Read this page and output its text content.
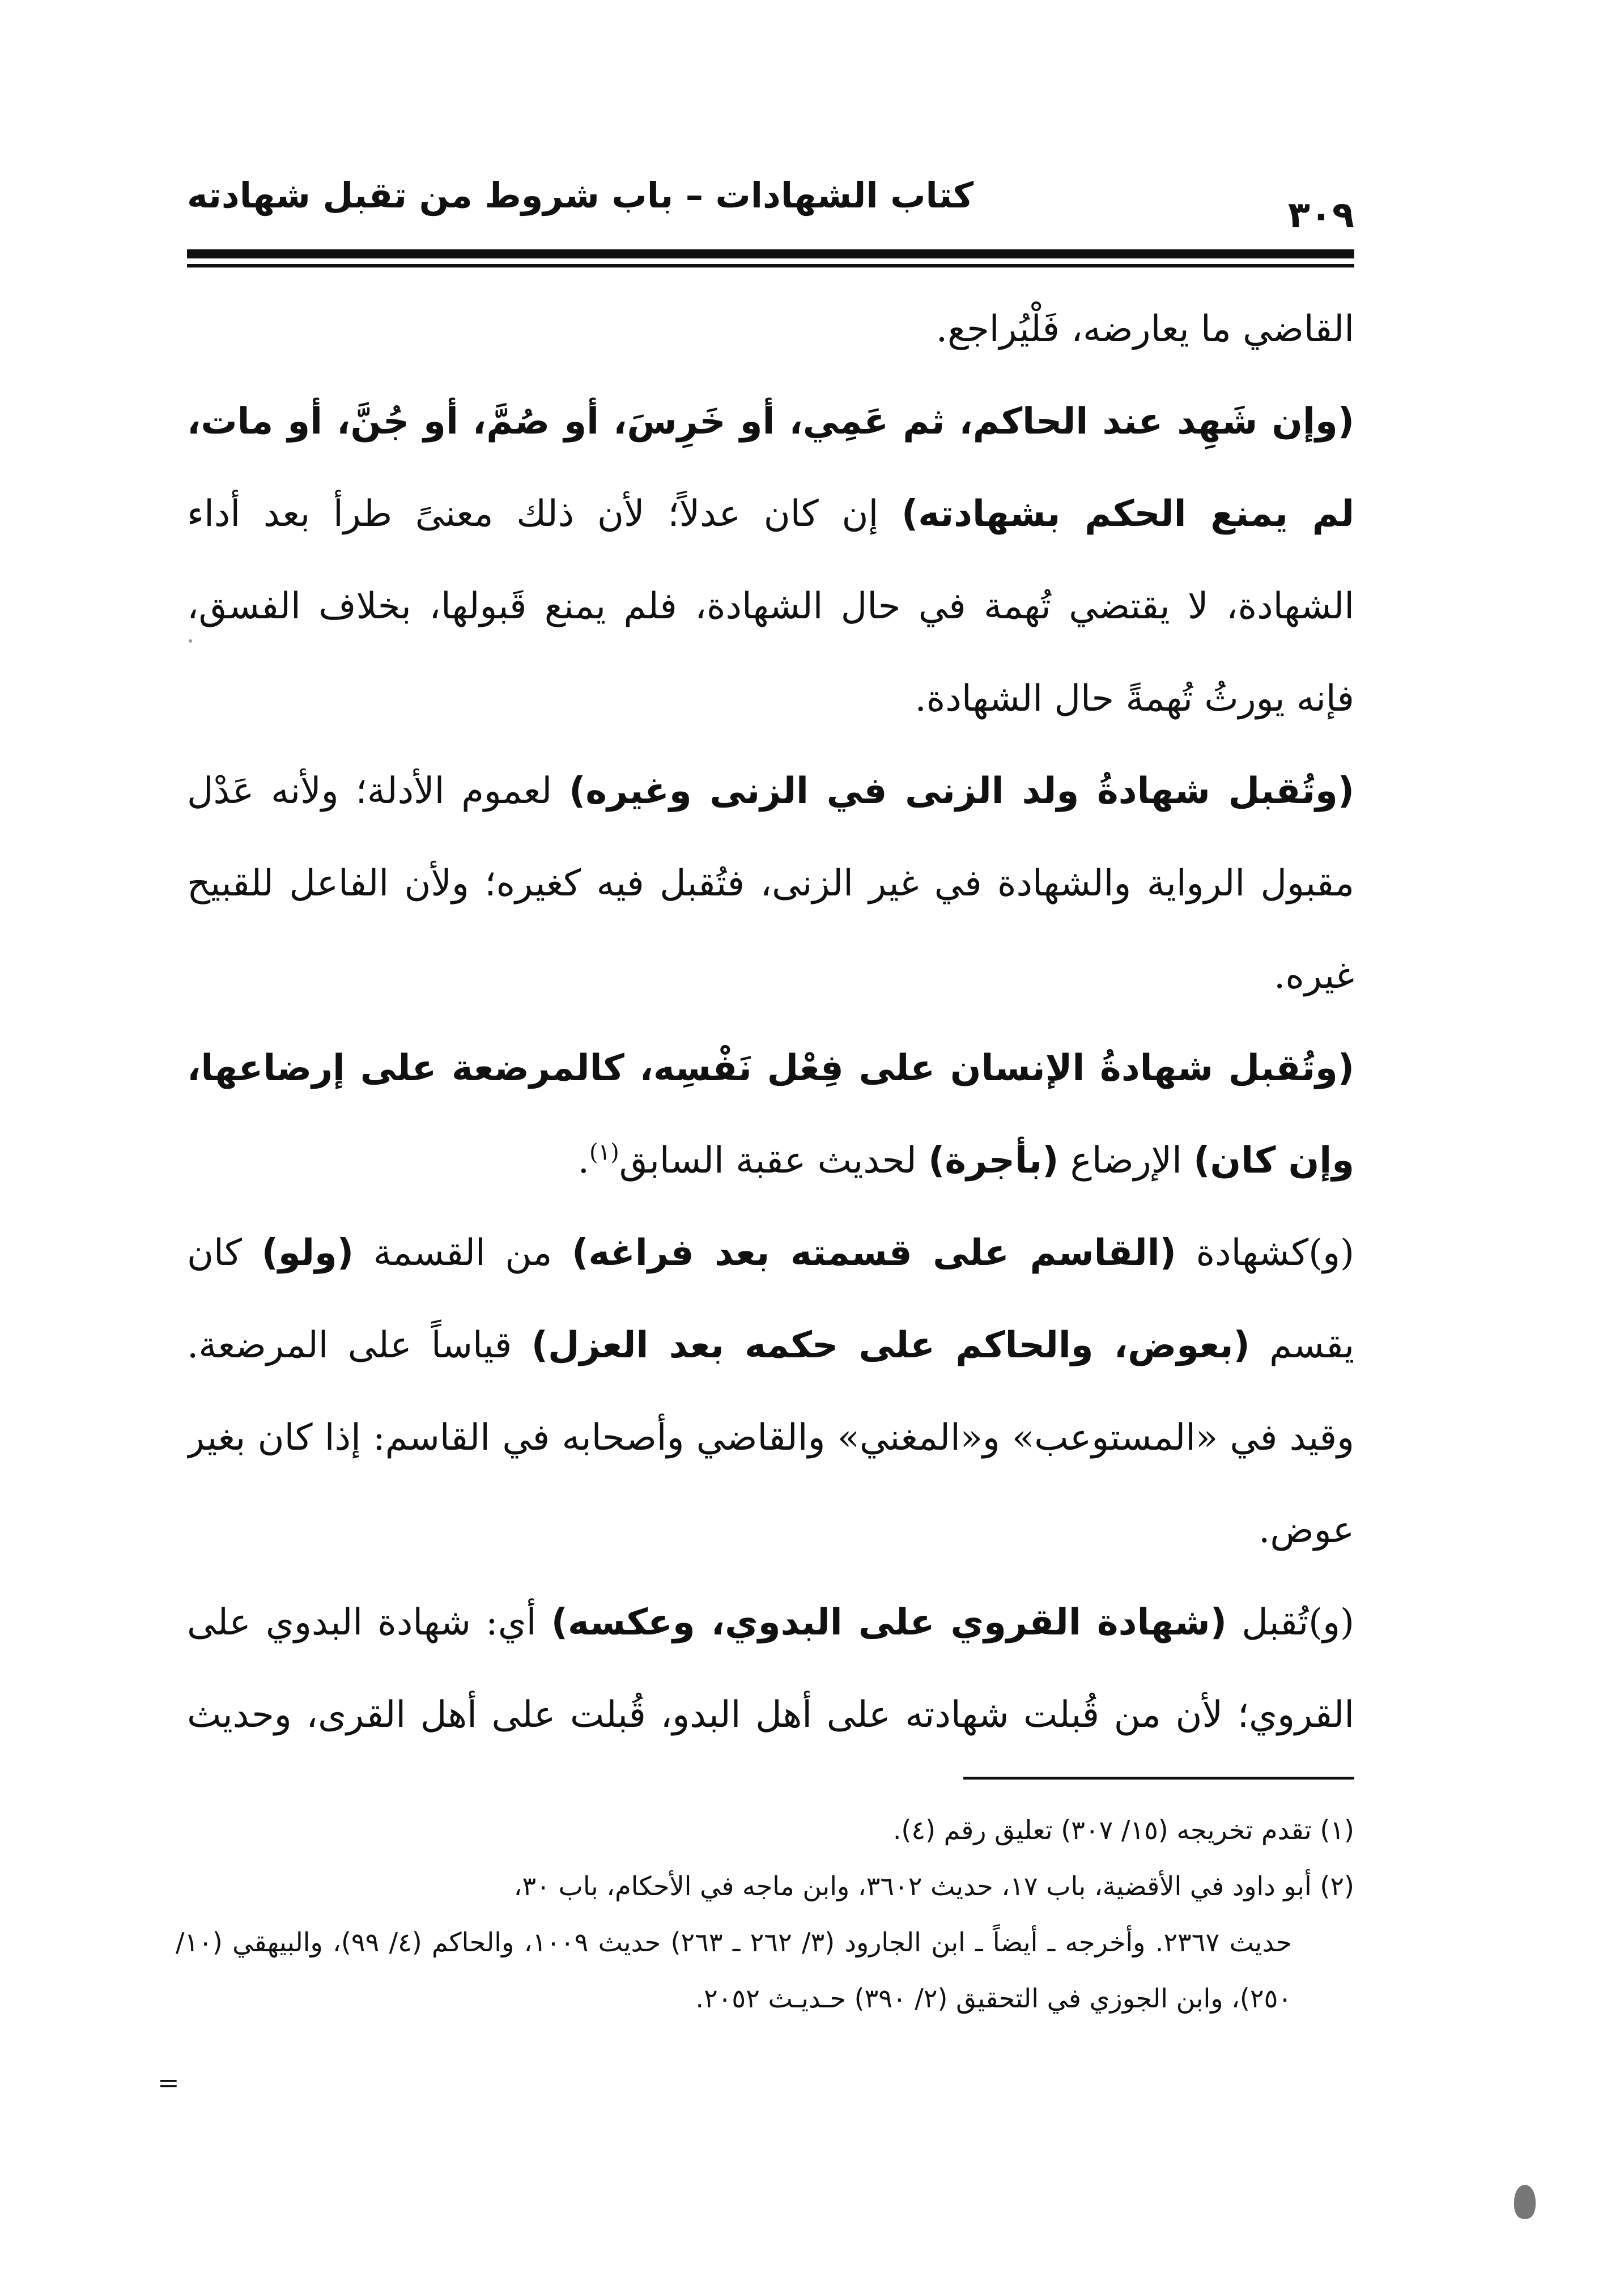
كتاب الشهادات – باب شروط من تقبل شهادته	٣٠٩

القاضي ما يعارضه، فَلْيُراجع.

(وإن شَهِد عند الحاكم، ثم عَمِي، أو خَرِسَ، أو صُمَّ، أو جُنَّ، أو مات، لم يمنع الحكم بشهادته) إن كان عدلاً؛ لأن ذلك معنىً طرأ بعد أداء الشهادة، لا يقتضي تُهمة في حال الشهادة، فلم يمنع قَبولها، بخلاف الفسق، فإنه يورثُ تُهمةً حال الشهادة.

(وتُقبل شهادةُ ولد الزنى في الزنى وغيره) لعموم الأدلة؛ ولأنه عَدْل مقبول الرواية والشهادة في غير الزنى، فتُقبل فيه كغيره؛ ولأن الفاعل للقبيح غيره.

(وتُقبل شهادةُ الإنسان على فِعْل نَفْسِه، كالمرضعة على إرضاعها، وإن كان) الإرضاع (بأجرة) لحديث عقبة السابق$^{(١)}$.

(و)كشهادة (القاسم على قسمته بعد فراغه) من القسمة (ولو) كان يقسم (بعوض، والحاكم على حكمه بعد العزل) قياساً على المرضعة. وقيد في «المستوعب» و«المغني» والقاضي وأصحابه في القاسم: إذا كان بغير عوض.

(و)تُقبل (شهادة القروي على البدوي، وعكسه) أي: شهادة البدوي على القروي؛ لأن من قُبلت شهادته على أهل البدو، قُبلت على أهل القرى، وحديث

(١) تقدم تخريجه (١٥/ ٣٠٧) تعليق رقم (٤).

(٢) أبو داود في الأقضية، باب ١٧، حديث ٣٦٠٢، وابن ماجه في الأحكام، باب ٣٠،

حديث ٢٣٦٧. وأخرجه ـ أيضاً ـ ابن الجارود (٣/ ٢٦٢ ـ ٢٦٣) حديث ١٠٠٩، والحاكم (٤/ ٩٩)، والبيهقي (١٠/ ٢٥٠)، وابن الجوزي في التحقيق (٢/ ٣٩٠) حـديـث ٢٠٥٢.

=
